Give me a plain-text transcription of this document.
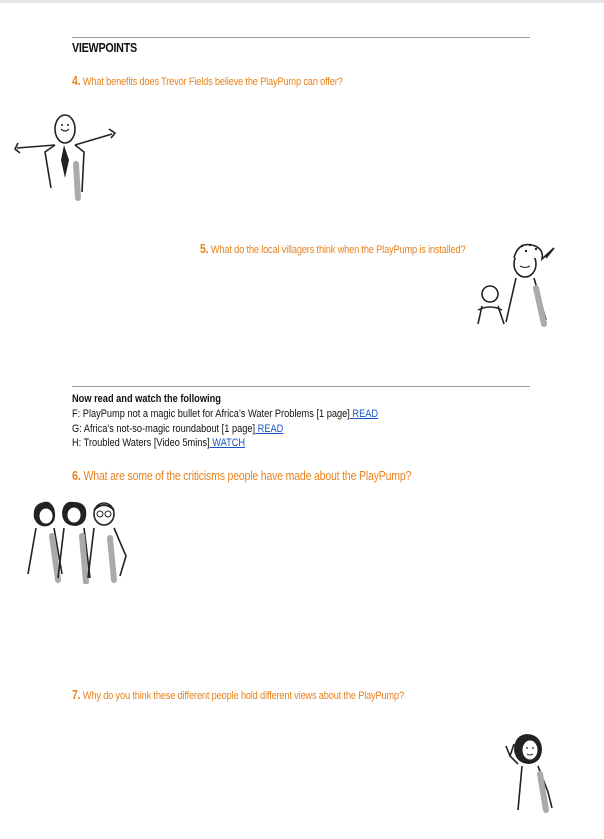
VIEWPOINTS
4. What benefits does Trevor Fields believe the PlayPump can offer?
5. What do the local villagers think when the PlayPump is installed?
Now read and watch the following
F: PlayPump not a magic bullet for Africa’s Water Problems [1 page] READ
G: Africa's not-so-magic roundabout [1 page] READ
H: Troubled Waters [Video 5mins] WATCH
6. What are some of the criticisms people have made about the PlayPump?
7. Why do you think these different people hold different views about the PlayPump?
